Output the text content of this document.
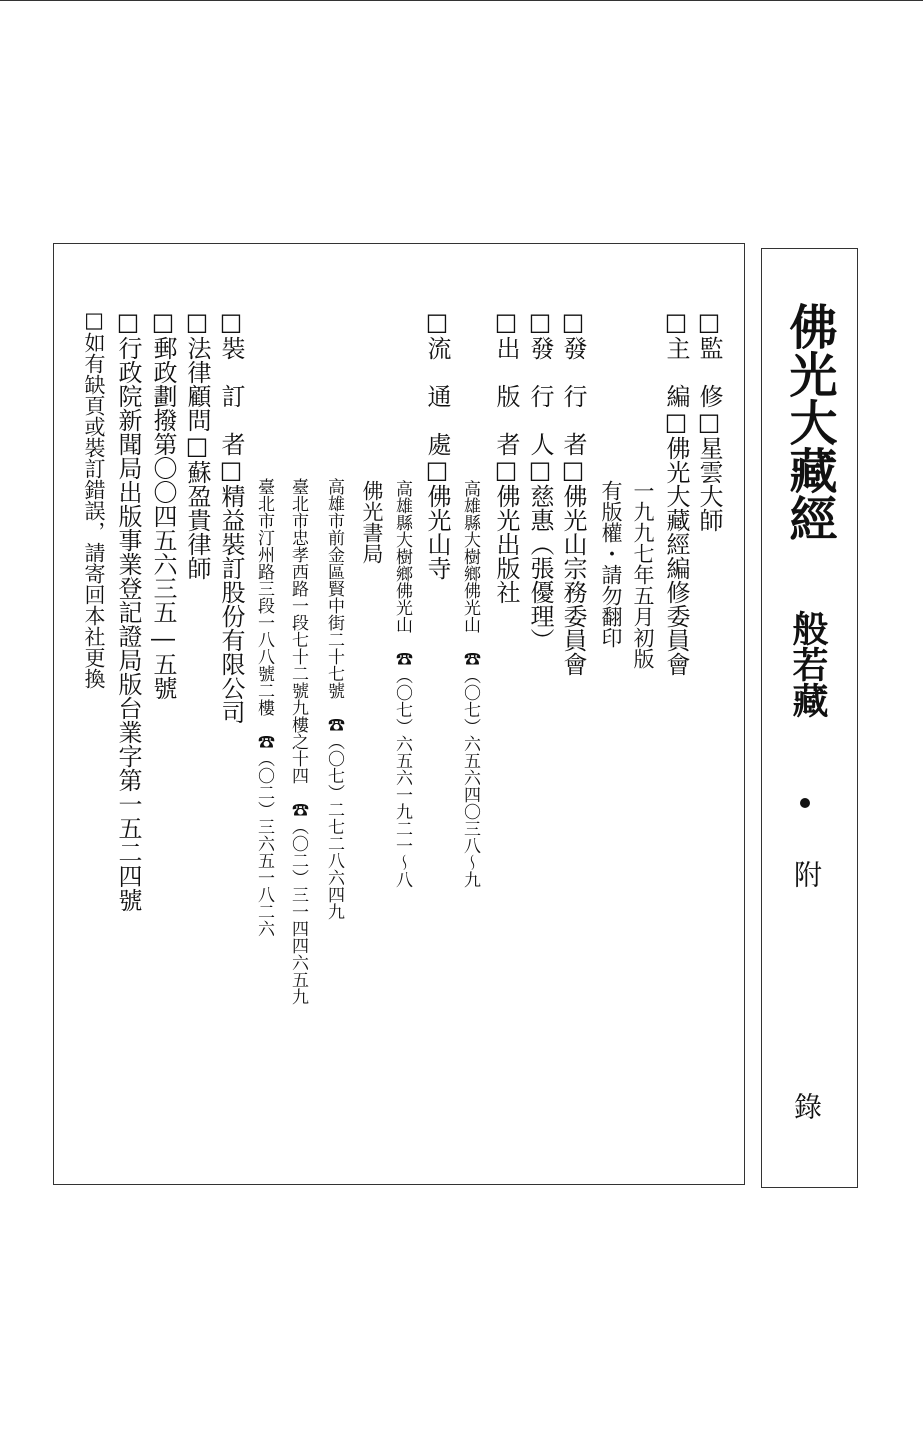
佛光大藏經
般若藏
附
錄
□監　修□星雲大師
□主　編□佛光大藏經編修委員會
一九九七年五月初版
有版權・請勿翻印
□發　行　者□佛光山宗務委員會
□發　行　人□慈惠（張優理）
□出　版　者□佛光出版社
高雄縣大樹鄉佛光山　☎（〇七）六五六四〇三八～九
□流　通　處□佛光山寺
高雄縣大樹鄉佛光山　☎（〇七）六五六一九二一～八
佛光書局
高雄市前金區賢中街二十七號　☎（〇七）二七二八六四九
臺北市忠孝西路一段七十二號九樓之十四　☎（〇二）三一四四六五九
臺北市汀州路三段一八八號二樓　☎（〇二）三六五一八二六
□裝　訂　者□精益裝訂股份有限公司
□法律顧問□蘇盈貴律師
□郵政劃撥第〇〇四五六三五―五號
□行政院新聞局出版事業登記證局版台業字第一五二四號
□如有缺頁或裝訂錯誤，請寄回本社更換
